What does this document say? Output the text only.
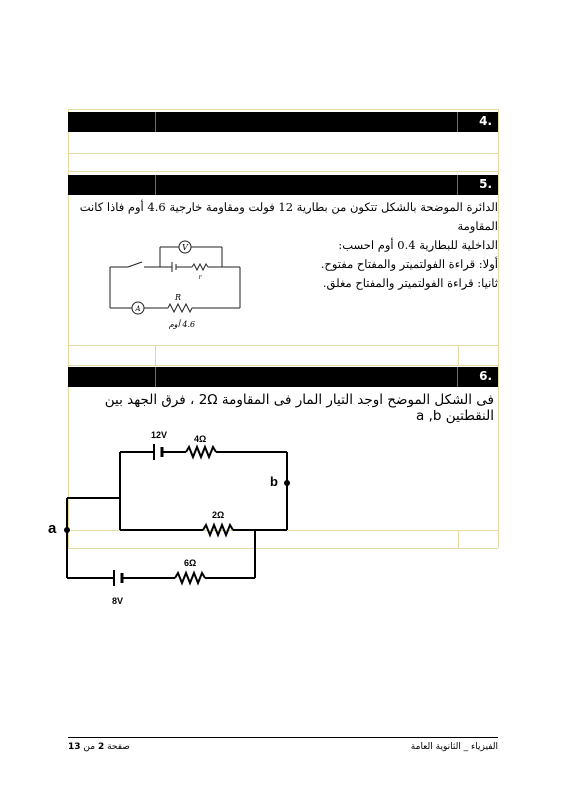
.4
.5
الدائرة الموضحة بالشكل تتكون من بطارية 12 فولت ومقاومة خارجية 4.6 أوم فاذا كانت المقاومة
الداخلية للبطارية 0.4 أوم احسب:
أولا: قراءة الفولتميتر والمفتاح مفتوح.
ثانيا: قراءة الفولتميتر والمفتاح مغلق.
V
A
R
r
4.6 أوم
.6
فى الشكل الموضح اوجد التيار المار فى المقاومة 2Ω ، فرق الجهد بين النقطتين a ,b
12V	4Ω
2Ω
6Ω
8V
a
b
الفيزياء _ الثانوية العامة
صفحة 2 من 13
